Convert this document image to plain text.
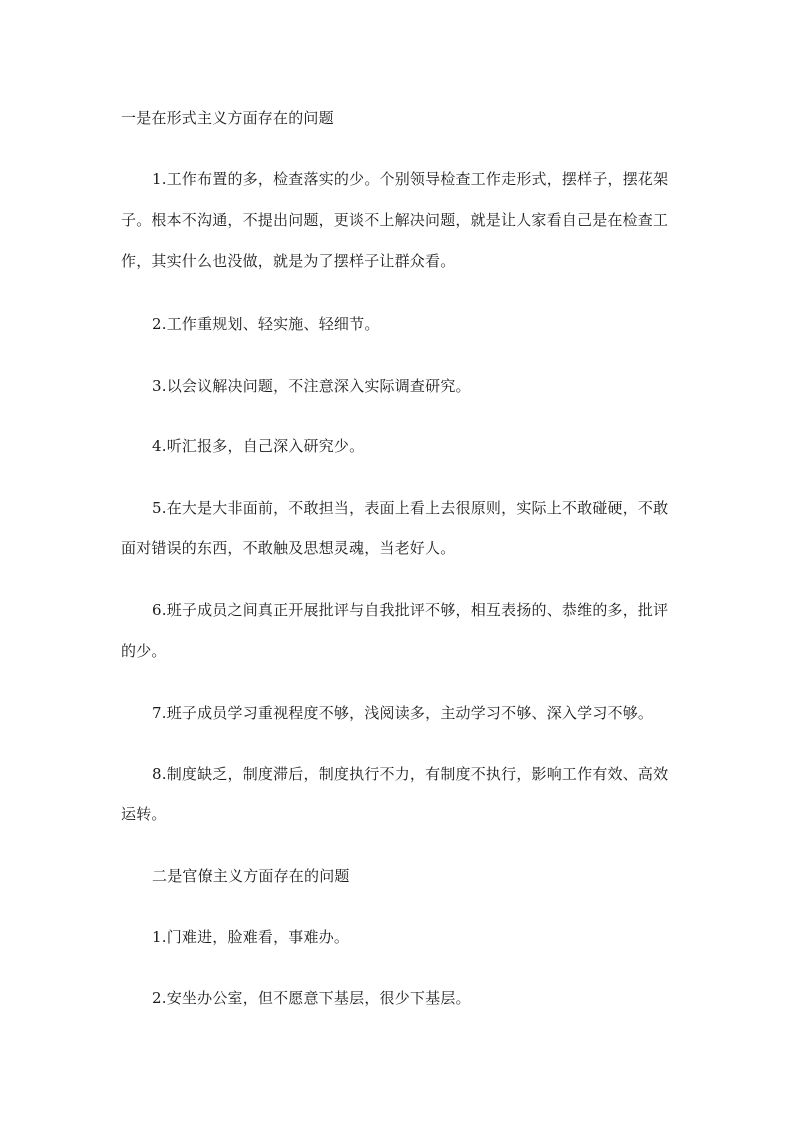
一是在形式主义方面存在的问题

1.工作布置的多，检查落实的少。个别领导检查工作走形式，摆样子，摆花架

子。根本不沟通，不提出问题，更谈不上解决问题，就是让人家看自己是在检查工

作，其实什么也没做，就是为了摆样子让群众看。

2.工作重规划、轻实施、轻细节。

3.以会议解决问题，不注意深入实际调查研究。

4.听汇报多，自己深入研究少。

5.在大是大非面前，不敢担当，表面上看上去很原则，实际上不敢碰硬，不敢

面对错误的东西，不敢触及思想灵魂，当老好人。

6.班子成员之间真正开展批评与自我批评不够，相互表扬的、恭维的多，批评

的少。

7.班子成员学习重视程度不够，浅阅读多，主动学习不够、深入学习不够。

8.制度缺乏，制度滞后，制度执行不力，有制度不执行，影响工作有效、高效

运转。

二是官僚主义方面存在的问题

1.门难进，脸难看，事难办。

2.安坐办公室，但不愿意下基层，很少下基层。
